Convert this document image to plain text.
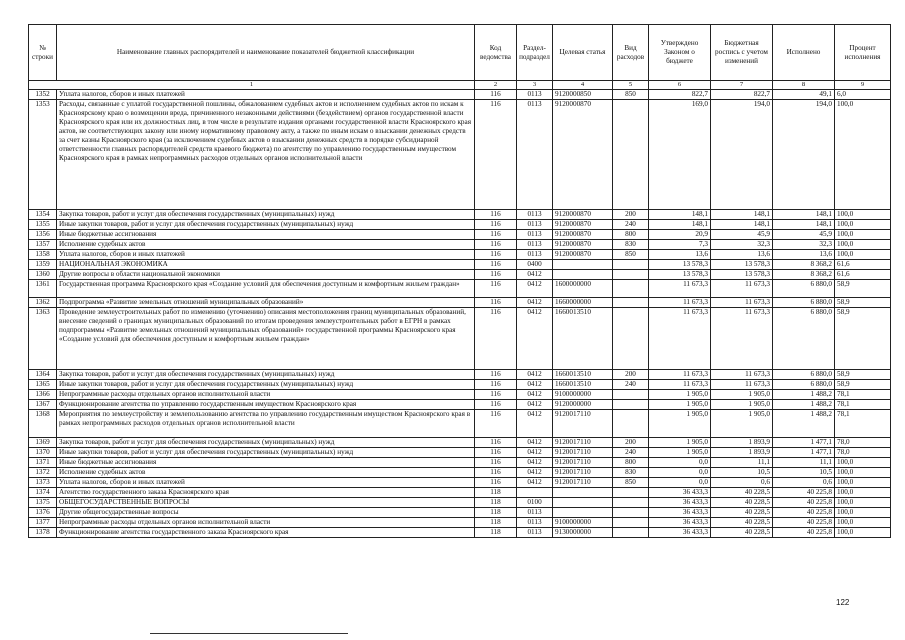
№ строки	Наименование главных распорядителей и наименование показателей бюджетной классификации	Код ведомства	Раздел-подраздел	Целевая статья	Вид расходов	Утверждено Законом о бюджете	Бюджетная роспись с учетом изменений	Исполнено	Процент исполнения
1		2	3	4	5	6	7	8	9
1352	Уплата налогов, сборов и иных платежей	116	0113	9120000850	850	822,7	822,7	49,1	6,0
1353	Расходы, связанные с уплатой государственной пошлины, обжалованием судебных актов и исполнением судебных актов по искам к Красноярскому краю о возмещении вреда, причиненного незаконными действиями (бездействием) органов государственной власти Красноярского края или их должностных лиц, в том числе в результате издания органами государственной власти Красноярского края актов, не соответствующих закону или иному нормативному правовому акту, а также по иным искам о взыскании денежных средств за счет казны Красноярского края (за исключением судебных актов о взыскании денежных средств в порядке субсидиарной ответственности главных распорядителей средств краевого бюджета) по агентству по управлению государственным имуществом Красноярского края в рамках непрограммных расходов отдельных органов исполнительной власти	116	0113	9120000870		169,0	194,0	194,0	100,0
1354	Закупка товаров, работ и услуг для обеспечения государственных (муниципальных) нужд	116	0113	9120000870	200	148,1	148,1	148,1	100,0
1355	Иные закупки товаров, работ и услуг для обеспечения государственных (муниципальных) нужд	116	0113	9120000870	240	148,1	148,1	148,1	100,0
1356	Иные бюджетные ассигнования	116	0113	9120000870	800	20,9	45,9	45,9	100,0
1357	Исполнение судебных актов	116	0113	9120000870	830	7,3	32,3	32,3	100,0
1358	Уплата налогов, сборов и иных платежей	116	0113	9120000870	850	13,6	13,6	13,6	100,0
1359	НАЦИОНАЛЬНАЯ ЭКОНОМИКА	116	0400			13 578,3	13 578,3	8 368,2	61,6
1360	Другие вопросы в области национальной экономики	116	0412			13 578,3	13 578,3	8 368,2	61,6
1361	Государственная программа Красноярского края «Создание условий для обеспечения доступным и комфортным жильем граждан»	116	0412	1600000000		11 673,3	11 673,3	6 880,0	58,9
1362	Подпрограмма «Развитие земельных отношений муниципальных образований»	116	0412	1660000000		11 673,3	11 673,3	6 880,0	58,9
1363	Проведение землеустроительных работ по изменению (уточнению) описания местоположения границ муниципальных образований, внесение сведений о границах муниципальных образований по итогам проведения землеустроительных работ в ЕГРН в рамках подпрограммы «Развитие земельных отношений муниципальных образований» государственной программы Красноярского края «Создание условий для обеспечения доступным и комфортным жильем граждан»	116	0412	1660013510		11 673,3	11 673,3	6 880,0	58,9
1364	Закупка товаров, работ и услуг для обеспечения государственных (муниципальных) нужд	116	0412	1660013510	200	11 673,3	11 673,3	6 880,0	58,9
1365	Иные закупки товаров, работ и услуг для обеспечения государственных (муниципальных) нужд	116	0412	1660013510	240	11 673,3	11 673,3	6 880,0	58,9
1366	Непрограммные расходы отдельных органов исполнительной власти	116	0412	9100000000		1 905,0	1 905,0	1 488,2	78,1
1367	Функционирование агентства по управлению государственным имуществом Красноярского края	116	0412	9120000000		1 905,0	1 905,0	1 488,2	78,1
1368	Мероприятия по землеустройству и землепользованию агентства по управлению государственным имуществом Красноярского края в рамках непрограммных расходов отдельных органов исполнительной власти	116	0412	9120017110		1 905,0	1 905,0	1 488,2	78,1
1369	Закупка товаров, работ и услуг для обеспечения государственных (муниципальных) нужд	116	0412	9120017110	200	1 905,0	1 893,9	1 477,1	78,0
1370	Иные закупки товаров, работ и услуг для обеспечения государственных (муниципальных) нужд	116	0412	9120017110	240	1 905,0	1 893,9	1 477,1	78,0
1371	Иные бюджетные ассигнования	116	0412	9120017110	800	0,0	11,1	11,1	100,0
1372	Исполнение судебных актов	116	0412	9120017110	830	0,0	10,5	10,5	100,0
1373	Уплата налогов, сборов и иных платежей	116	0412	9120017110	850	0,0	0,6	0,6	100,0
1374	Агентство государственного заказа Красноярского края	118				36 433,3	40 228,5	40 225,8	100,0
1375	ОБЩЕГОСУДАРСТВЕННЫЕ ВОПРОСЫ	118	0100			36 433,3	40 228,5	40 225,8	100,0
1376	Другие общегосударственные вопросы	118	0113			36 433,3	40 228,5	40 225,8	100,0
1377	Непрограммные расходы отдельных органов исполнительной власти	118	0113	9100000000		36 433,3	40 228,5	40 225,8	100,0
1378	Функционирование агентства государственного заказа Красноярского края	118	0113	9130000000		36 433,3	40 228,5	40 225,8	100,0
122
